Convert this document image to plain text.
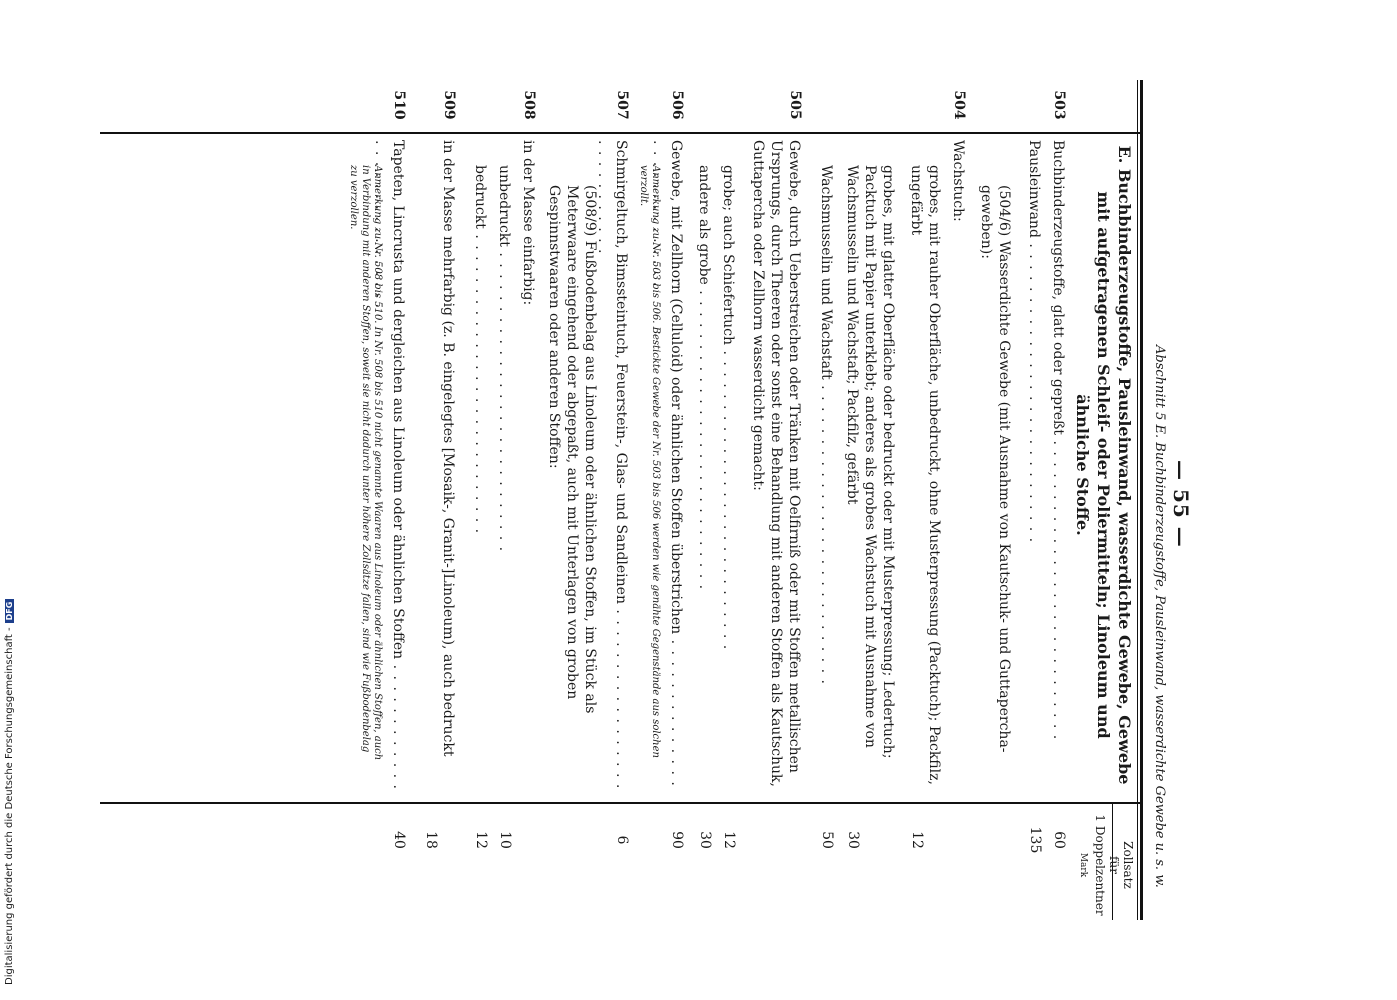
— 55 —
Abschnitt 5 E. Buchbinderzeugstoffe, Pausleinwand, wasserdichte Gewebe u. s. w.
Zollsatz
für
1 Doppelzentner
Mark
E. Buchbinderzeugstoffe, Pausleinwand, wasserdichte Gewebe, Gewebe
mit aufgetragenen Schleif- oder Poliermitteln; Linoleum und
ähnliche Stoffe.
503
Buchbinderzeugstoffe, glatt oder gepreßt . . .
60
Pausleinwand . . .
135
(504/6) Wasserdichte Gewebe (mit Ausnahme von Kautschuk- und Guttapercha-geweben):
504
Wachstuch:
grobes, mit rauher Oberfläche, unbedruckt, ohne Musterpressung (Packtuch); Packfilz, ungefärbt
12
grobes, mit glatter Oberfläche oder bedruckt oder mit Musterpressung; Ledertuch; Packtuch mit Papier unterklebt; anderes als grobes Wachstuch mit Ausnahme von Wachsmusselin und Wachstaft; Packfilz, gefärbt
30
Wachsmusselin und Wachstaft . . .
50
505
Gewebe, durch Ueberstreichen oder Tränken mit Oelfirniß oder mit Stoffen metallischen Ursprungs, durch Theeren oder sonst eine Behandlung mit anderen Stoffen als Kautschuk, Guttapercha oder Zellhorn wasserdicht gemacht:
grobe; auch Schiefertuch . . .
12
andere als grobe . . .
30
506
Gewebe, mit Zellhorn (Celluloid) oder ähnlichen Stoffen überstrichen . . .
90
Anmerkung zu Nr. 503 bis 506. Bestickte Gewebe der Nr. 503 bis 506 werden wie genähte Gegenstände aus solchen verzollt.
507
Schmirgeltuch, Bimssteintuch, Feuerstein-, Glas- und Sandleinen . . .
6
(508/9) Fußbodenbelag aus Linoleum oder ähnlichen Stoffen, im Stück als Meterwaare eingehend oder abgepaßt, auch mit Unterlagen von groben Gespinnstwaaren oder anderen Stoffen:
508
in der Masse einfarbig:
unbedruckt . . .
10
bedruckt . . .
12
509
in der Masse mehrfarbig (z. B. eingelegtes [Mosaik-, Granit-]Linoleum), auch bedruckt
18
510
Tapeten, Lincrusta und dergleichen aus Linoleum oder ähnlichen Stoffen . . .
40
Anmerkung zu Nr. 508 bis 510. In Nr. 508 bis 510 nicht genannte Waaren aus Linoleum oder ähnlichen Stoffen, auch in Verbindung mit anderen Stoffen, soweit sie nicht dadurch unter höhere Zollsätze fallen, sind wie Fußbodenbelag zu verzollen.
Digitalisierung gefördert durch die Deutsche Forschungsgemeinschaft -DFG
